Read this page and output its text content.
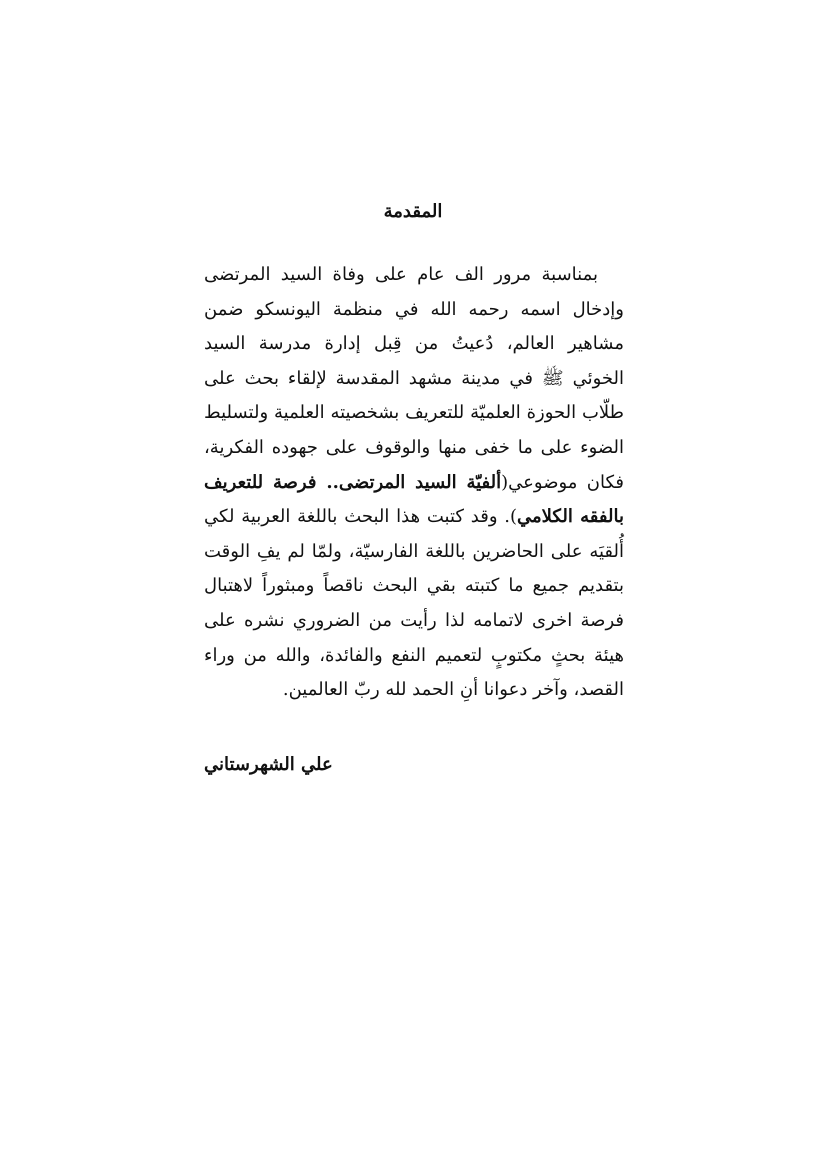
المقدمة

بمناسبة مرور الف عام على وفاة السيد المرتضى وإدخال اسمه رحمه الله في منظمة اليونسكو ضمن مشاهير العالم، دُعيتُ من قِبل إدارة مدرسة السيد الخوئي ﷺ في مدينة مشهد المقدسة لإلقاء بحث على طلّاب الحوزة العلميّة للتعريف بشخصيته العلمية ولتسليط الضوء على ما خفى منها والوقوف على جهوده الفكرية، فكان موضوعي(ألفيّة السيد المرتضى.. فرصة للتعريف بالفقه الكلامي). وقد كتبت هذا البحث باللغة العربية لكي أُلقيَه على الحاضرين باللغة الفارسيّة، ولمّا لم يفِ الوقت بتقديم جميع ما كتبته بقي البحث ناقصاً ومبثوراً لاهتبال فرصة اخرى لاتمامه لذا رأيت من الضروري نشره على هيئة بحثٍ مكتوبٍ لتعميم النفع والفائدة، والله من وراء القصد، وآخر دعوانا أنِ الحمد لله ربّ العالمين.

علي الشهرستاني
